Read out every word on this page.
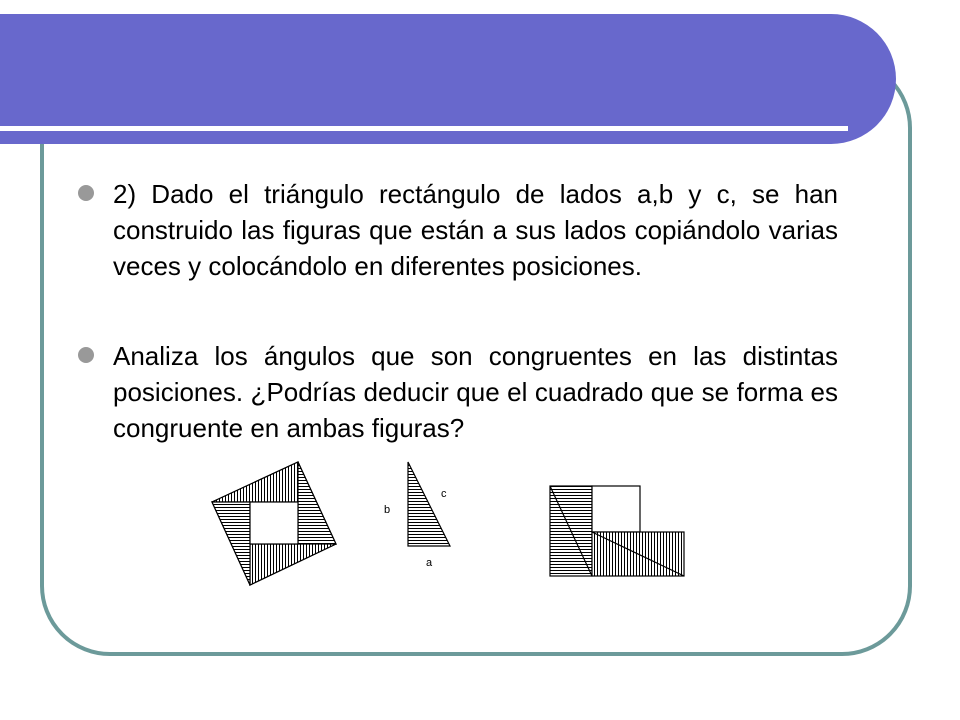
2) Dado el triángulo rectángulo de lados a,b y c, se han construido las figuras que están a sus lados copiándolo varias veces y colocándolo en diferentes posiciones.
Analiza los ángulos que son congruentes en las distintas posiciones. ¿Podrías deducir que el cuadrado que se forma es congruente en ambas figuras?
b
c
a
